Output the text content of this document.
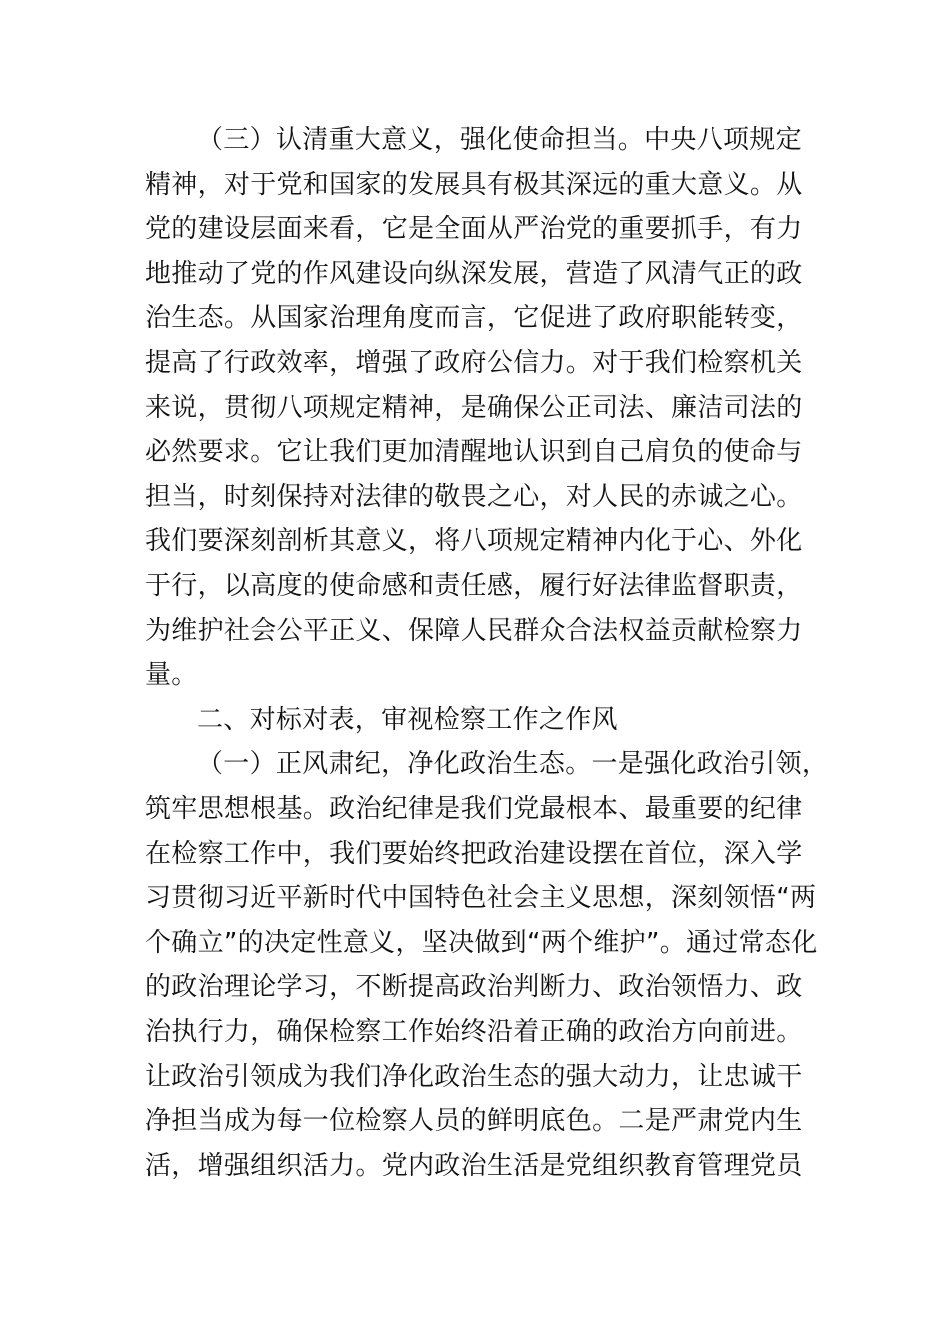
（三）认清重大意义，强化使命担当。中央八项规定
精神，对于党和国家的发展具有极其深远的重大意义。从
党的建设层面来看，它是全面从严治党的重要抓手，有力
地推动了党的作风建设向纵深发展，营造了风清气正的政
治生态。从国家治理角度而言，它促进了政府职能转变，
提高了行政效率，增强了政府公信力。对于我们检察机关
来说，贯彻八项规定精神，是确保公正司法、廉洁司法的
必然要求。它让我们更加清醒地认识到自己肩负的使命与
担当，时刻保持对法律的敬畏之心，对人民的赤诚之心。
我们要深刻剖析其意义，将八项规定精神内化于心、外化
于行，以高度的使命感和责任感，履行好法律监督职责，
为维护社会公平正义、保障人民群众合法权益贡献检察力
量。
二、对标对表，审视检察工作之作风
（一）正风肃纪，净化政治生态。一是强化政治引领，
筑牢思想根基。政治纪律是我们党最根本、最重要的纪律
在检察工作中，我们要始终把政治建设摆在首位，深入学
习贯彻习近平新时代中国特色社会主义思想，深刻领悟“两
个确立”的决定性意义，坚决做到“两个维护”。通过常态化
的政治理论学习，不断提高政治判断力、政治领悟力、政
治执行力，确保检察工作始终沿着正确的政治方向前进。
让政治引领成为我们净化政治生态的强大动力，让忠诚干
净担当成为每一位检察人员的鲜明底色。二是严肃党内生
活，增强组织活力。党内政治生活是党组织教育管理党员
